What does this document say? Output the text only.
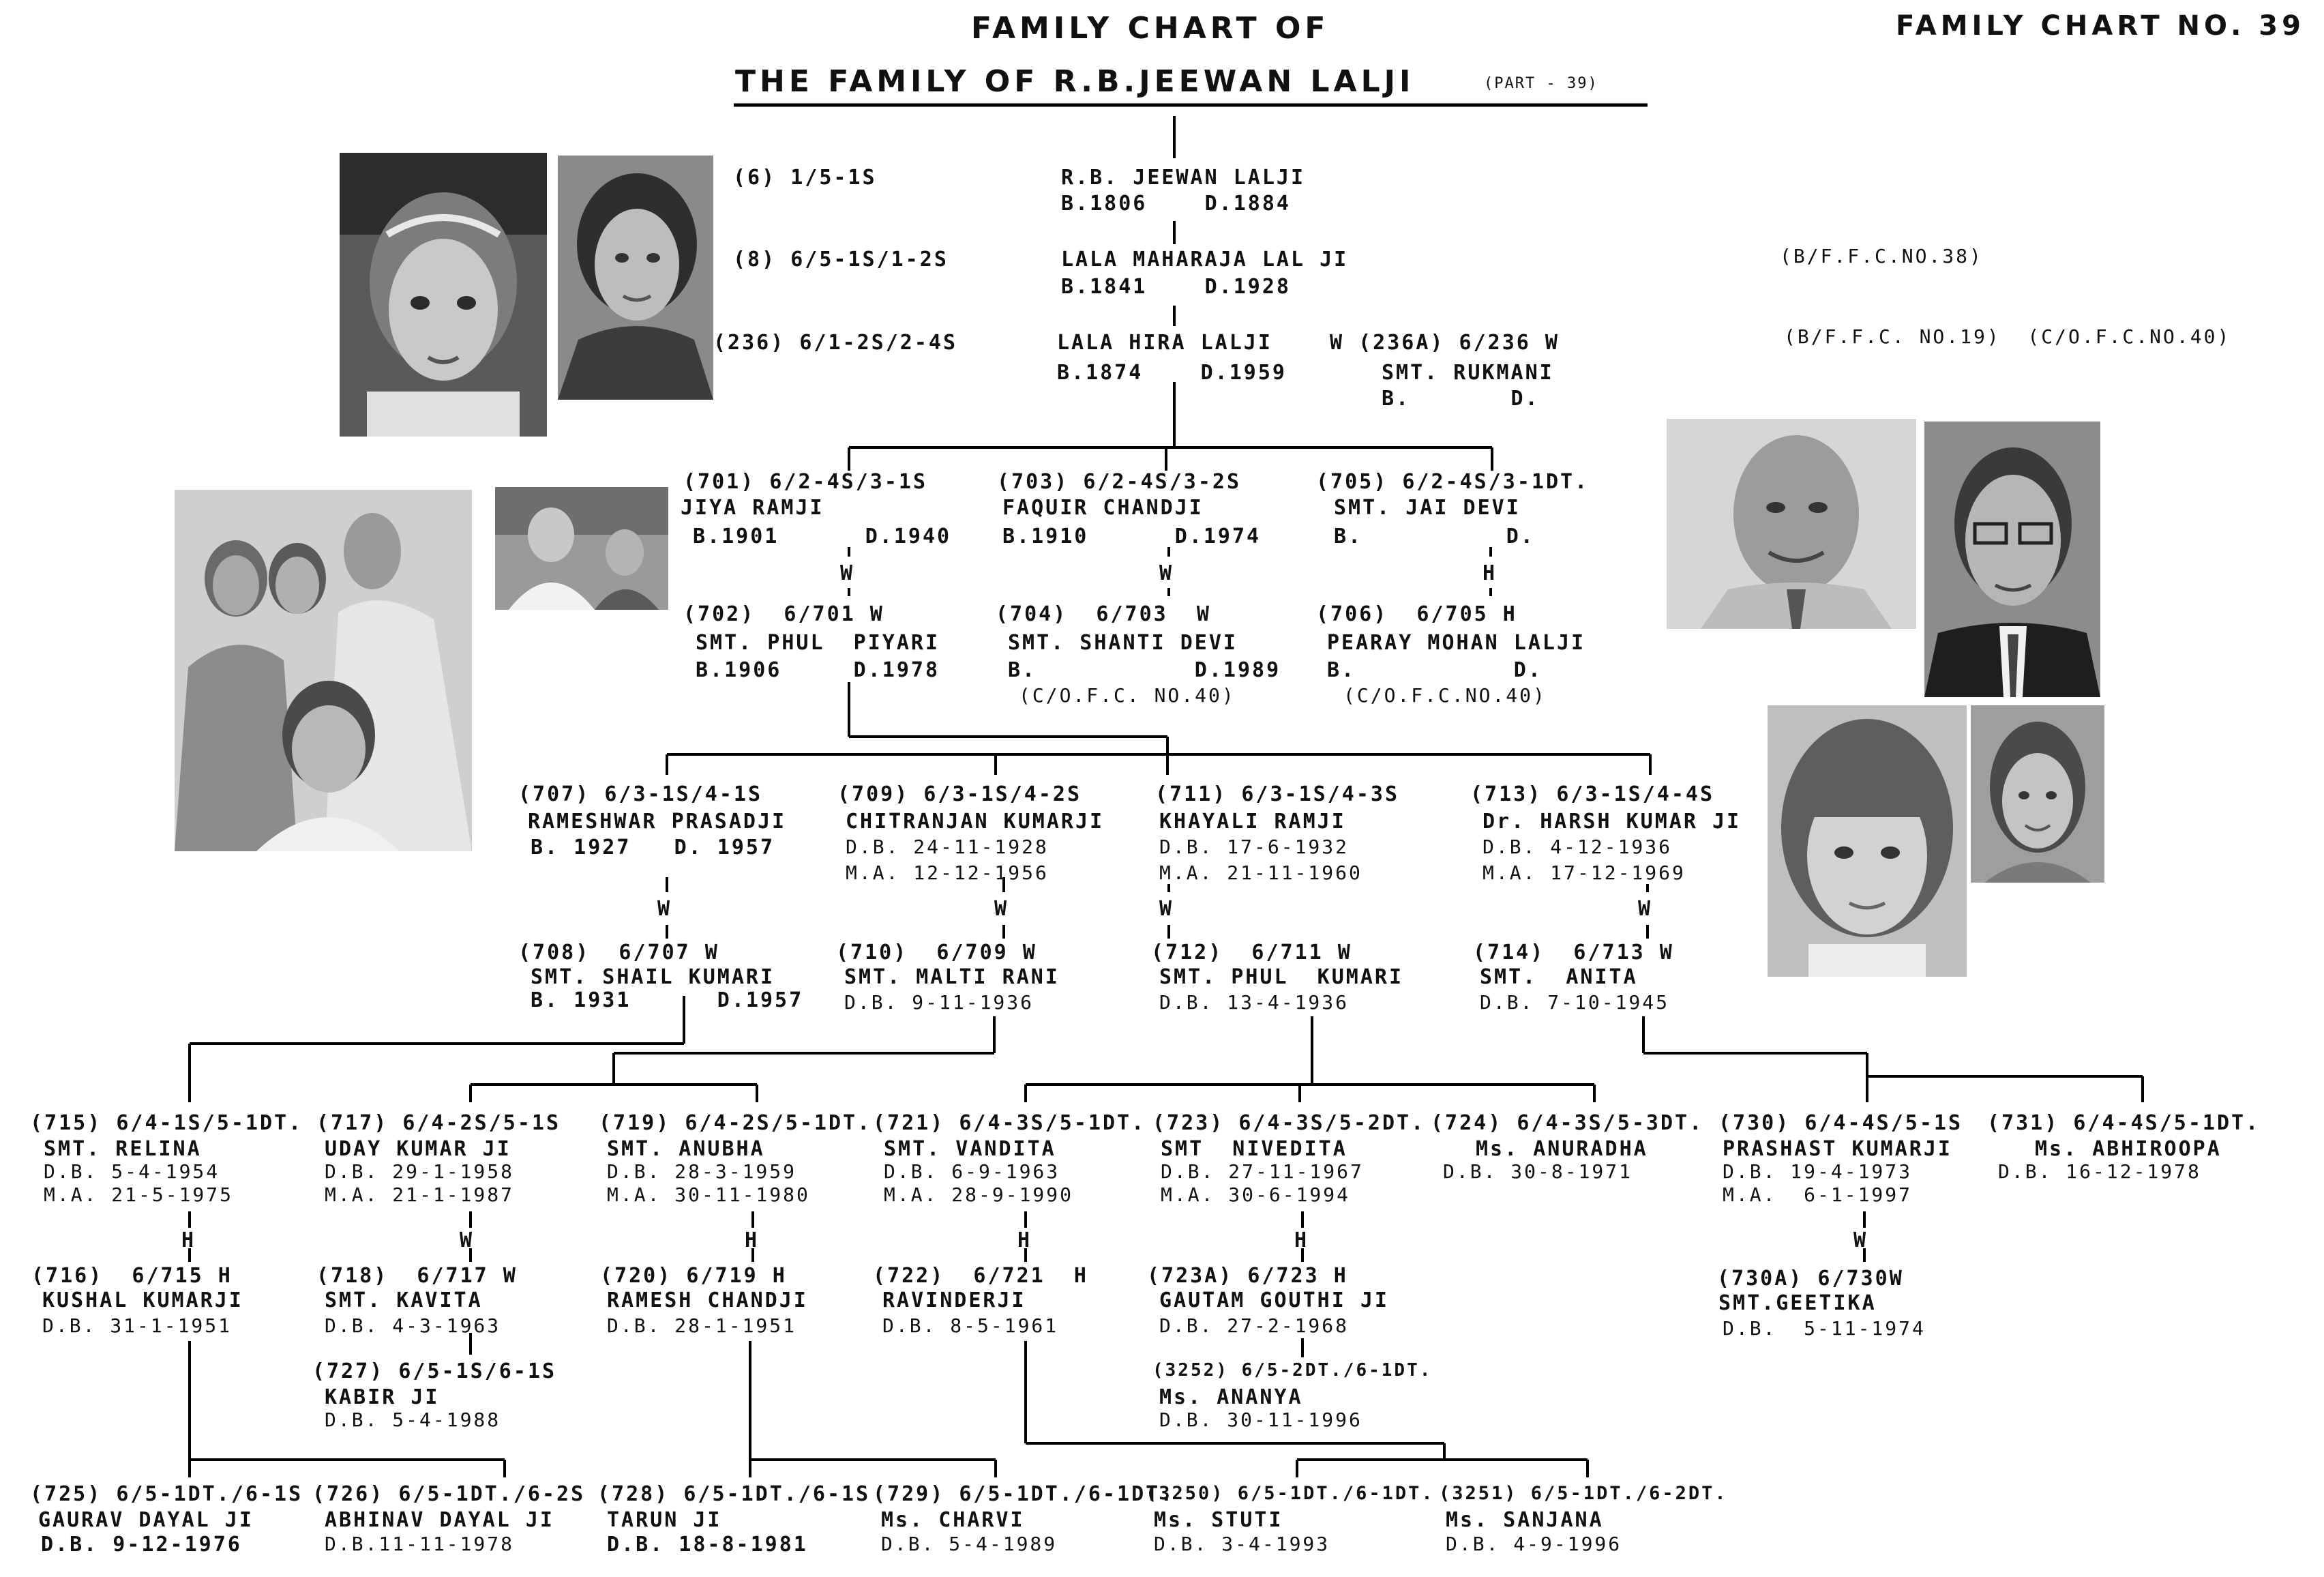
FAMILY CHART OF
THE FAMILY OF R.B.JEEWAN LALJI	(PART - 39)
FAMILY CHART NO. 39
(6) 1/5-1S	R.B. JEEWAN LALJI
B.1806    D.1884
(8) 6/5-1S/1-2S	LALA MAHARAJA LAL JI
B.1841    D.1928
(B/F.F.C.NO.38)
(236) 6/1-2S/2-4S	LALA HIRA LALJI
B.1874    D.1959
W (236A) 6/236 W
SMT. RUKMANI
B.       D.
(B/F.F.C. NO.19)  (C/O.F.C.NO.40)
(701) 6/2-4S/3-1S
JIYA RAMJI
B.1901      D.1940
W
(702)  6/701 W
SMT. PHUL  PIYARI
B.1906     D.1978
(703) 6/2-4S/3-2S
FAQUIR CHANDJI
B.1910      D.1974
W
(704)  6/703  W
SMT. SHANTI DEVI
B.           D.1989
(C/O.F.C. NO.40)
(705) 6/2-4S/3-1DT.
SMT. JAI DEVI
B.          D.
H
(706)  6/705 H
PEARAY MOHAN LALJI
B.           D.
(C/O.F.C.NO.40)
(707) 6/3-1S/4-1S
RAMESHWAR PRASADJI
B. 1927   D. 1957
W
(708)  6/707 W
SMT. SHAIL KUMARI
B. 1931      D.1957
(709) 6/3-1S/4-2S
CHITRANJAN KUMARJI
D.B. 24-11-1928
M.A. 12-12-1956
W
(710)  6/709 W
SMT. MALTI RANI
D.B. 9-11-1936
(711) 6/3-1S/4-3S
KHAYALI RAMJI
D.B. 17-6-1932
M.A. 21-11-1960
W
(712)  6/711 W
SMT. PHUL  KUMARI
D.B. 13-4-1936
(713) 6/3-1S/4-4S
Dr. HARSH KUMAR JI
D.B. 4-12-1936
M.A. 17-12-1969
W
(714)  6/713 W
SMT.  ANITA
D.B. 7-10-1945
(715) 6/4-1S/5-1DT.
SMT. RELINA
D.B. 5-4-1954
M.A. 21-5-1975
H
(716)  6/715 H
KUSHAL KUMARJI
D.B. 31-1-1951
(717) 6/4-2S/5-1S
UDAY KUMAR JI
D.B. 29-1-1958
M.A. 21-1-1987
W
(718)  6/717 W
SMT. KAVITA
D.B. 4-3-1963
(727) 6/5-1S/6-1S
KABIR JI
D.B. 5-4-1988
(719) 6/4-2S/5-1DT.
SMT. ANUBHA
D.B. 28-3-1959
M.A. 30-11-1980
H
(720) 6/719 H
RAMESH CHANDJI
D.B. 28-1-1951
(721) 6/4-3S/5-1DT.
SMT. VANDITA
D.B. 6-9-1963
M.A. 28-9-1990
H
(722)  6/721  H
RAVINDERJI
D.B. 8-5-1961
(723) 6/4-3S/5-2DT.
SMT  NIVEDITA
D.B. 27-11-1967
M.A. 30-6-1994
H
(723A) 6/723 H
GAUTAM GOUTHI JI
D.B. 27-2-1968
(3252) 6/5-2DT./6-1DT.
Ms. ANANYA
D.B. 30-11-1996
(724) 6/4-3S/5-3DT.
Ms. ANURADHA
D.B. 30-8-1971
(730) 6/4-4S/5-1S
PRASHAST KUMARJI
D.B. 19-4-1973
M.A.  6-1-1997
W
(730A) 6/730W
SMT.GEETIKA
D.B.  5-11-1974
(731) 6/4-4S/5-1DT.
Ms. ABHIROOPA
D.B. 16-12-1978
(725) 6/5-1DT./6-1S
GAURAV DAYAL JI
D.B. 9-12-1976
(726) 6/5-1DT./6-2S
ABHINAV DAYAL JI
D.B.11-11-1978
(728) 6/5-1DT./6-1S
TARUN JI
D.B. 18-8-1981
(729) 6/5-1DT./6-1DT.
Ms. CHARVI
D.B. 5-4-1989
(3250) 6/5-1DT./6-1DT.
Ms. STUTI
D.B. 3-4-1993
(3251) 6/5-1DT./6-2DT.
Ms. SANJANA
D.B. 4-9-1996
